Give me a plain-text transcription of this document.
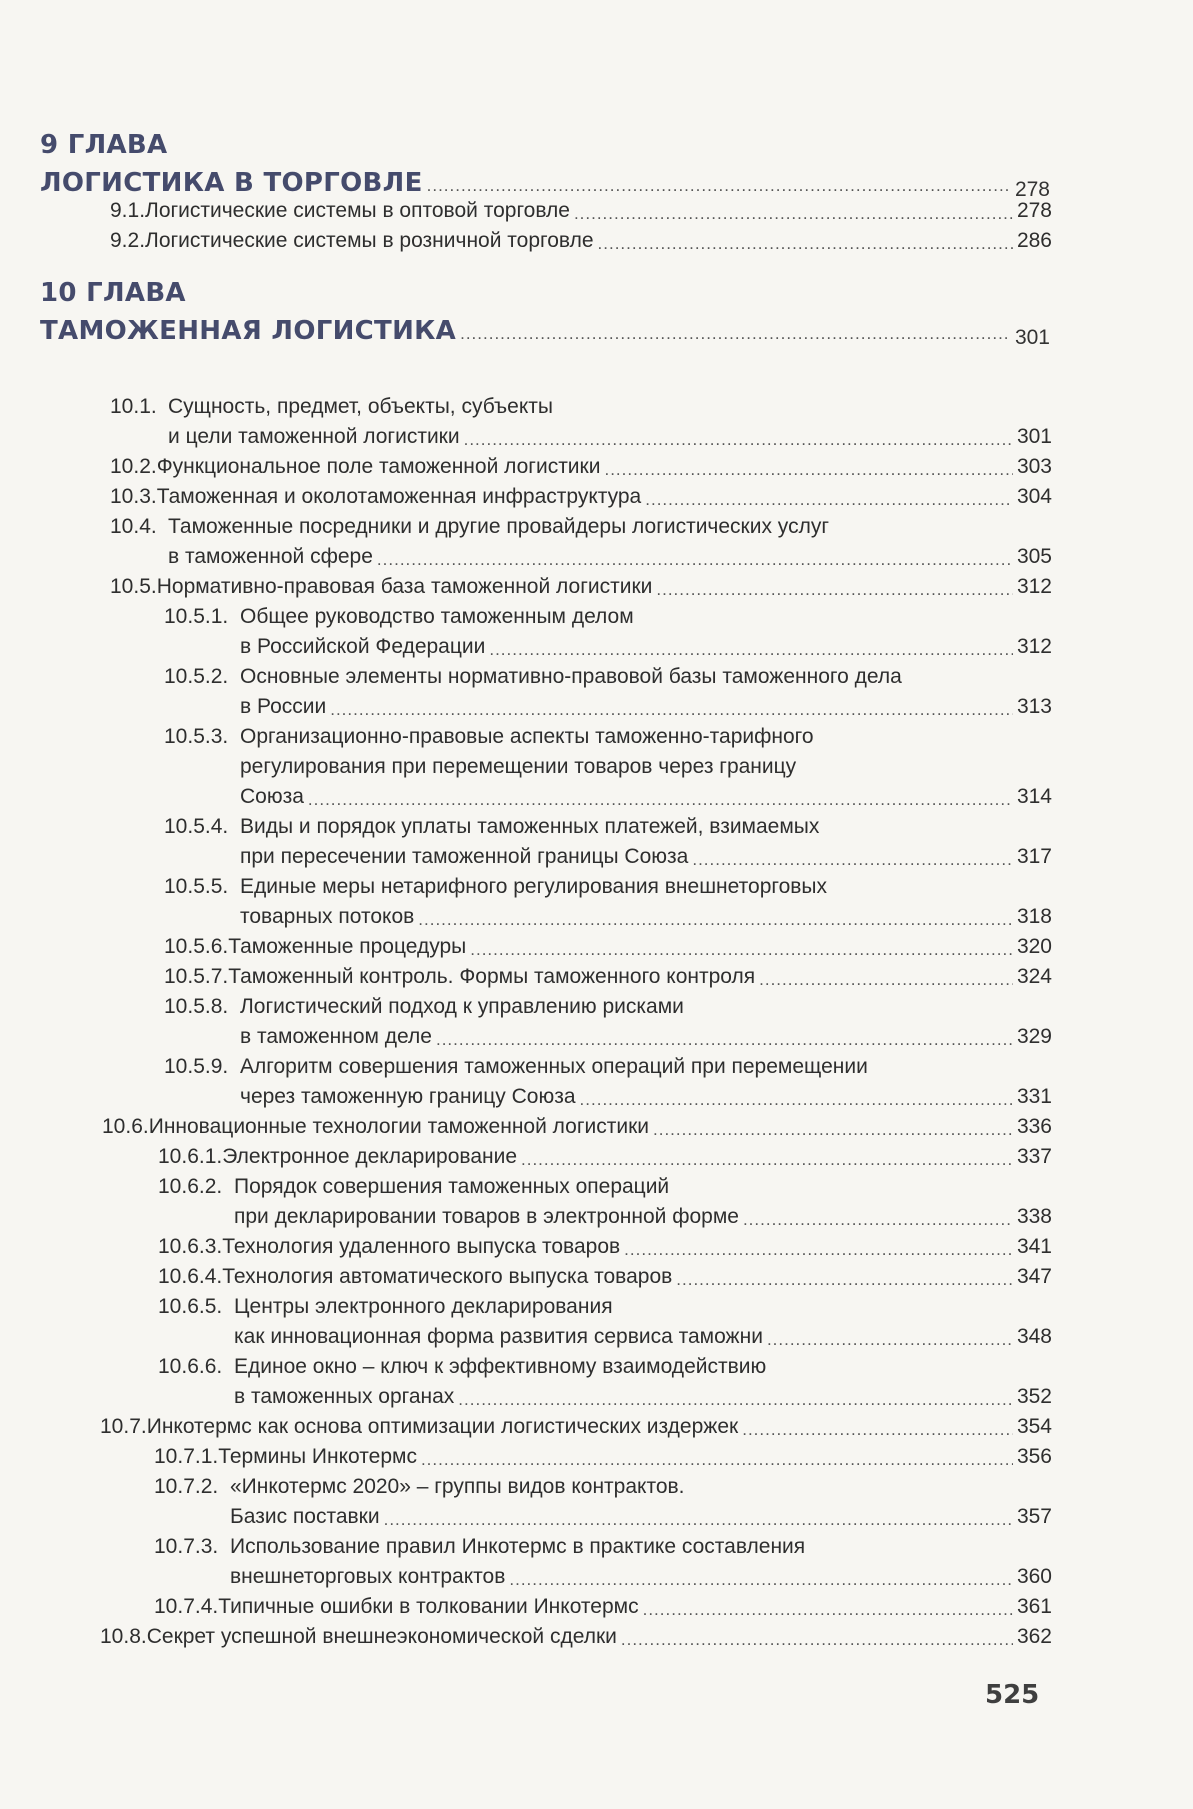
9 ГЛАВА
ЛОГИСТИКА В ТОРГОВЛЕ .....	278
9.1. Логистические системы в оптовой торговле .....	278
9.2. Логистические системы в розничной торговле .....	286
10 ГЛАВА
ТАМОЖЕННАЯ ЛОГИСТИКА .....	301
10.1. Сущность, предмет, объекты, субъекты
и цели таможенной логистики .....	301
10.2. Функциональное поле таможенной логистики .....	303
10.3. Таможенная и околотаможенная инфраструктура .....	304
10.4. Таможенные посредники и другие провайдеры логистических услуг
в таможенной сфере .....	305
10.5. Нормативно-правовая база таможенной логистики .....	312
10.5.1. Общее руководство таможенным делом
в Российской Федерации .....	312
10.5.2. Основные элементы нормативно-правовой базы таможенного дела
в России .....	313
10.5.3. Организационно-правовые аспекты таможенно-тарифного
регулирования при перемещении товаров через границу
Союза .....	314
10.5.4. Виды и порядок уплаты таможенных платежей, взимаемых
при пересечении таможенной границы Союза .....	317
10.5.5. Единые меры нетарифного регулирования внешнеторговых
товарных потоков .....	318
10.5.6. Таможенные процедуры .....	320
10.5.7. Таможенный контроль. Формы таможенного контроля .....	324
10.5.8. Логистический подход к управлению рисками
в таможенном деле .....	329
10.5.9. Алгоритм совершения таможенных операций при перемещении
через таможенную границу Союза .....	331
10.6. Инновационные технологии таможенной логистики .....	336
10.6.1. Электронное декларирование .....	337
10.6.2. Порядок совершения таможенных операций
при декларировании товаров в электронной форме .....	338
10.6.3. Технология удаленного выпуска товаров .....	341
10.6.4. Технология автоматического выпуска товаров .....	347
10.6.5. Центры электронного декларирования
как инновационная форма развития сервиса таможни .....	348
10.6.6. Единое окно – ключ к эффективному взаимодействию
в таможенных органах .....	352
10.7. Инкотермс как основа оптимизации логистических издержек .....	354
10.7.1. Термины Инкотермс .....	356
10.7.2. «Инкотермс 2020» – группы видов контрактов.
Базис поставки .....	357
10.7.3. Использование правил Инкотермс в практике составления
внешнеторговых контрактов .....	360
10.7.4. Типичные ошибки в толковании Инкотермс .....	361
10.8. Секрет успешной внешнеэкономической сделки .....	362
525
